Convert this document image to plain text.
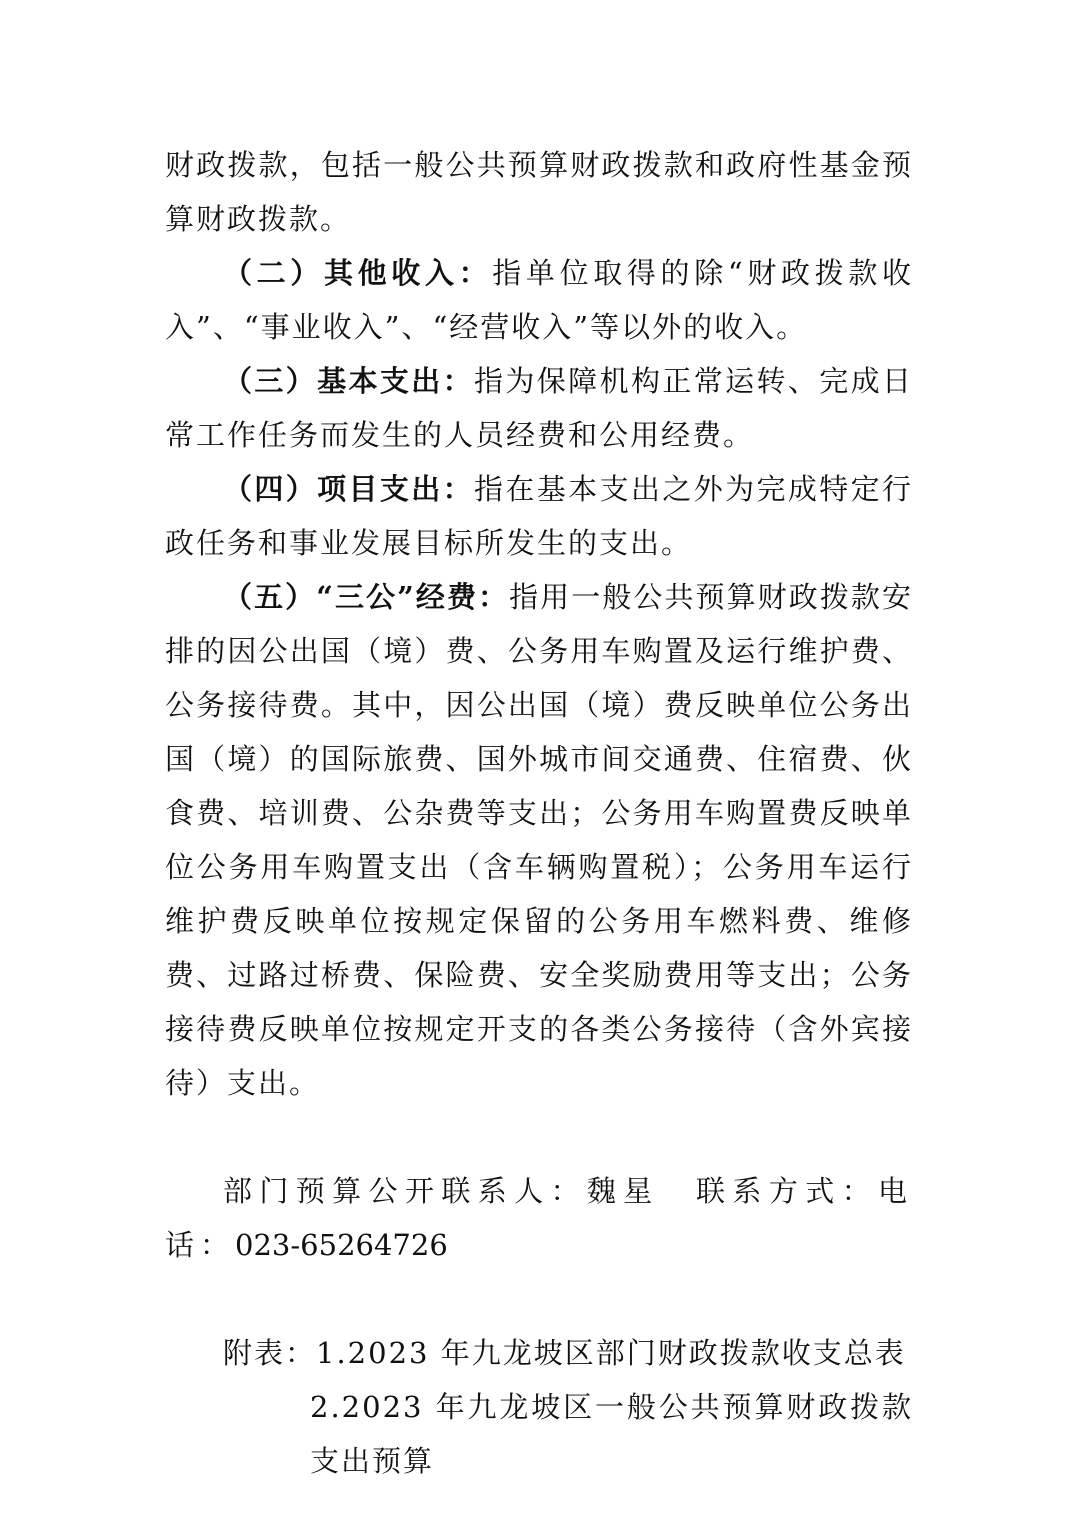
财政拨款，包括一般公共预算财政拨款和政府性基金预算财政拨款。

（二）其他收入：指单位取得的除“财政拨款收入”、“事业收入”、“经营收入”等以外的收入。

（三）基本支出：指为保障机构正常运转、完成日常工作任务而发生的人员经费和公用经费。

（四）项目支出：指在基本支出之外为完成特定行政任务和事业发展目标所发生的支出。

（五）“三公”经费：指用一般公共预算财政拨款安排的因公出国（境）费、公务用车购置及运行维护费、公务接待费。其中，因公出国（境）费反映单位公务出国（境）的国际旅费、国外城市间交通费、住宿费、伙食费、培训费、公杂费等支出；公务用车购置费反映单位公务用车购置支出（含车辆购置税）；公务用车运行维护费反映单位按规定保留的公务用车燃料费、维修费、过路过桥费、保险费、安全奖励费用等支出；公务接待费反映单位按规定开支的各类公务接待（含外宾接待）支出。

部门预算公开联系人：魏星　联系方式：电话：023-65264726

附表：1.2023 年九龙坡区部门财政拨款收支总表

2.2023 年九龙坡区一般公共预算财政拨款支出预算
